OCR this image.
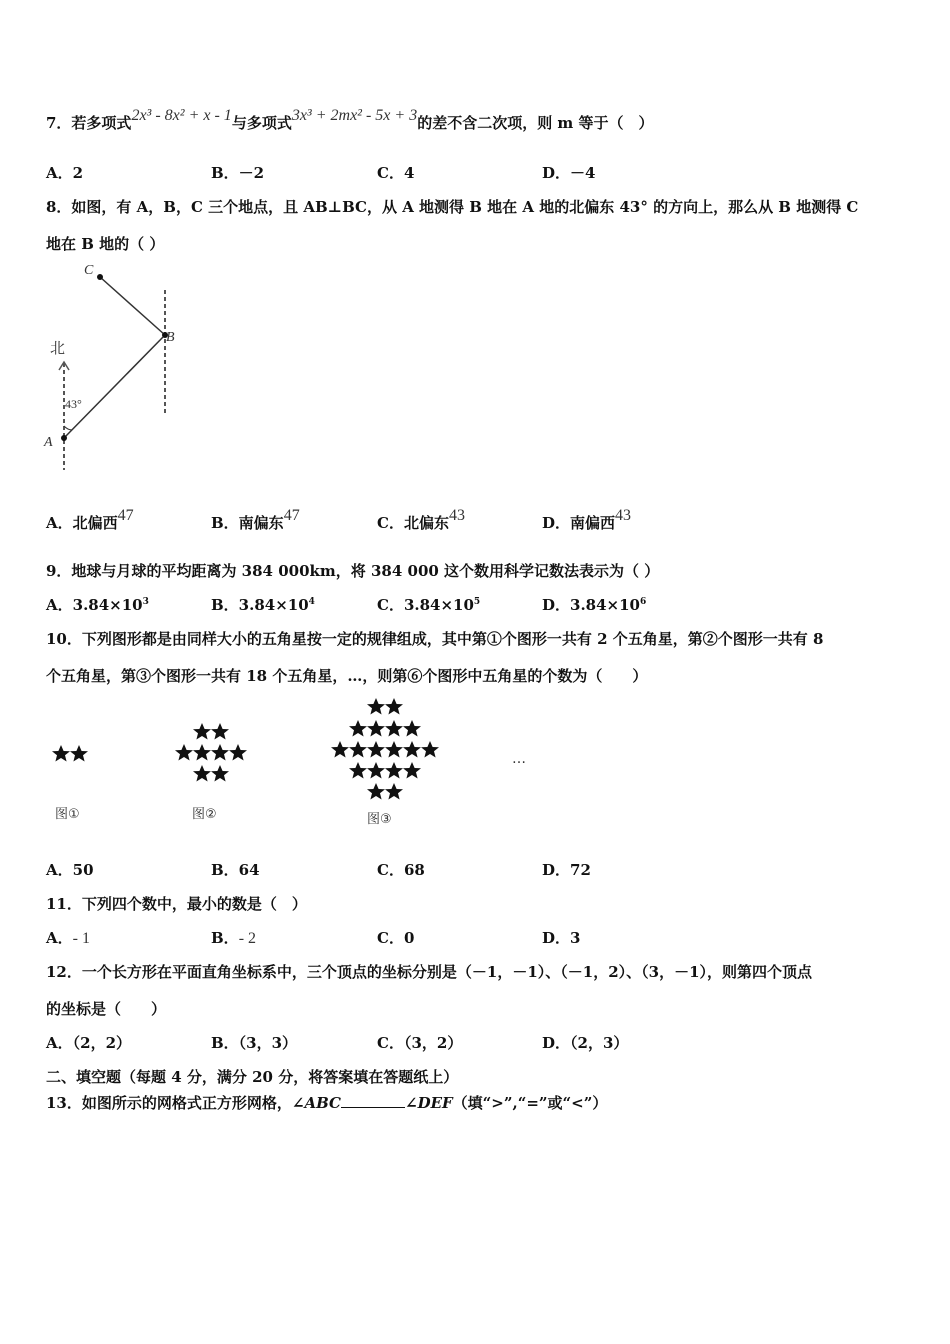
7．若多项式2x³ - 8x² + x - 1与多项式3x³ + 2mx² - 5x + 3的差不含二次项，则 m 等于（　）
A．2	B．－2	C．4	D．－4
8．如图，有 A，B，C 三个地点，且 AB⊥BC，从 A 地测得 B 地在 A 地的北偏东 43° 的方向上，那么从 B 地测得 C
地在 B 地的（ ）
北
43°
A
B
C
A．北偏西47	B．南偏东47	C．北偏东43	D．南偏西43
9．地球与月球的平均距离为 384 000km，将 384 000 这个数用科学记数法表示为（ ）
A．$3.84\times 10^3$	B．$3.84\times 10^4$	C．$3.84\times 10^5$	D．$3.84\times 10^6$
10．下列图形都是由同样大小的五角星按一定的规律组成，其中第①个图形一共有 2 个五角星，第②个图形一共有 8
个五角星，第③个图形一共有 18 个五角星，…，则第⑥个图形中五角星的个数为（　　）
图①	图②	图③
…
A．50	B．64	C．68	D．72
11．下列四个数中，最小的数是（　）
A．- 1	B．- 2	C．0	D．3
12．一个长方形在平面直角坐标系中，三个顶点的坐标分别是（－1，－1）、（－1，2）、（3，－1），则第四个顶点
的坐标是（　　）
A．（2，2）	B．（3，3）	C．（3，2）	D．（2，3）
二、填空题（每题 4 分，满分 20 分，将答案填在答题纸上）
13．如图所示的网格式正方形网格，∠ABC	∠DEF（填“>”,“=”或“<”）
